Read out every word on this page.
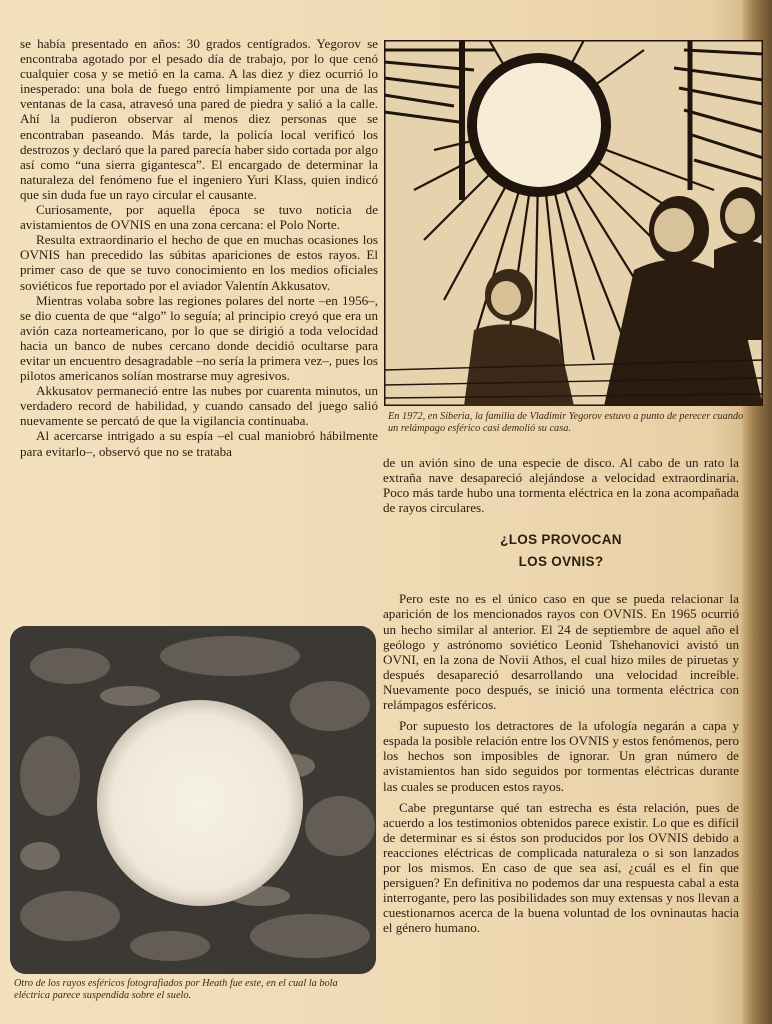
se había presentado en años: 30 grados centígrados. Yegorov se encontraba agotado por el pesado día de trabajo, por lo que cenó cualquier cosa y se metió en la cama. A las diez y diez ocurrió lo inesperado: una bola de fuego entró limpiamente por una de las ventanas de la casa, atravesó una pared de piedra y salió a la calle. Ahí la pudieron observar al menos diez personas que se encontraban paseando. Más tarde, la policía local verificó los destrozos y declaró que la pared parecía haber sido cortada por algo así como “una sierra gigantesca”. El encargado de determinar la naturaleza del fenómeno fue el ingeniero Yuri Klass, quien indicó que sin duda fue un rayo circular el causante.

Curiosamente, por aquella época se tuvo noticia de avistamientos de OVNIS en una zona cercana: el Polo Norte.

Resulta extraordinario el hecho de que en muchas ocasiones los OVNIS han precedido las súbitas apariciones de estos rayos. El primer caso de que se tuvo conocimiento en los medios oficiales soviéticos fue reportado por el aviador Valentín Akkusatov.

Mientras volaba sobre las regiones polares del norte –en 1956–, se dio cuenta de que “algo” lo seguía; al principio creyó que era un avión caza norteamericano, por lo que se dirigió a toda velocidad hacia un banco de nubes cercano donde decidió ocultarse para evitar un encuentro desagradable –no sería la primera vez–, pues los pilotos americanos solían mostrarse muy agresivos.

Akkusatov permaneció entre las nubes por cuarenta minutos, un verdadero record de habilidad, y cuando cansado del juego salió nuevamente se percató de que la vigilancia continuaba.

Al acercarse intrigado a su espía –el cual maniobró hábilmente para evitarlo–, observó que no se trataba

En 1972, en Siberia, la familia de Vladimir Yegorov estuvo a punto de perecer cuando un relámpago esférico casi demolió su casa.

de un avión sino de una especie de disco. Al cabo de un rato la extraña nave desapareció alejándose a velocidad extraordinaria. Poco más tarde hubo una tormenta eléctrica en la zona acompañada de rayos circulares.

¿LOS PROVOCAN
LOS OVNIS?

Pero este no es el único caso en que se pueda relacionar la aparición de los mencionados rayos con OVNIS. En 1965 ocurrió un hecho similar al anterior. El 24 de septiembre de aquel año el geólogo y astrónomo soviético Leonid Tshehanovici avistó un OVNI, en la zona de Novii Athos, el cual hizo miles de piruetas y después desapareció desarrollando una velocidad increíble. Nuevamente poco después, se inició una tormenta eléctrica con relámpagos esféricos.

Por supuesto los detractores de la ufología negarán a capa y espada la posible relación entre los OVNIS y estos fenómenos, pero los hechos son imposibles de ignorar. Un gran número de avistamientos han sido seguidos por tormentas eléctricas durante las cuales se producen estos rayos.

Cabe preguntarse qué tan estrecha es ésta relación, pues de acuerdo a los testimonios obtenidos parece existir. Lo que es difícil de determinar es si éstos son producidos por los OVNIS debido a reacciones eléctricas de complicada naturaleza o si son lanzados por los mismos. En caso de que sea así, ¿cuál es el fin que persiguen? En definitiva no podemos dar una respuesta cabal a esta interrogante, pero las posibilidades son muy extensas y nos llevan a cuestionarnos acerca de la buena voluntad de los ovninautas hacia el género humano.

Otro de los rayos esféricos fotografiados por Heath fue este, en el cual la bola eléctrica parece suspendida sobre el suelo.
